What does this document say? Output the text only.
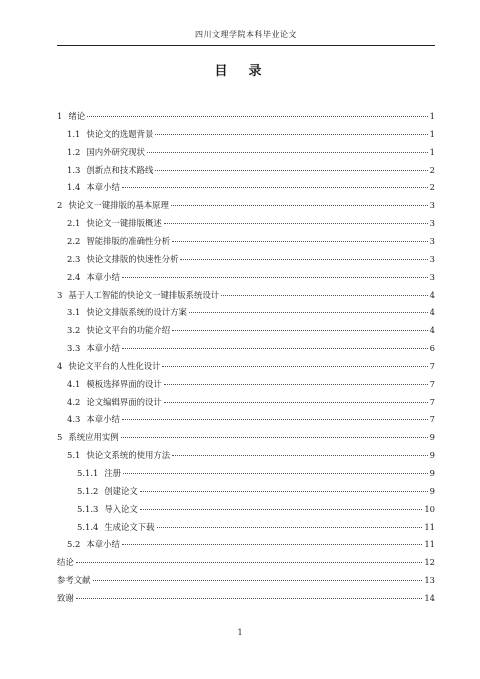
四川文理学院本科毕业论文
目　录
1 绪论	1
1.1 快论文的选题背景	1
1.2 国内外研究现状	1
1.3 创新点和技术路线	2
1.4 本章小结	2
2 快论文一键排版的基本原理	3
2.1 快论文一键排版概述	3
2.2 智能排版的准确性分析	3
2.3 快论文排版的快速性分析	3
2.4 本章小结	3
3 基于人工智能的快论文一键排版系统设计	4
3.1 快论文排版系统的设计方案	4
3.2 快论文平台的功能介绍	4
3.3 本章小结	6
4 快论文平台的人性化设计	7
4.1 模板选择界面的设计	7
4.2 论文编辑界面的设计	7
4.3 本章小结	7
5 系统应用实例	9
5.1 快论文系统的使用方法	9
5.1.1 注册	9
5.1.2 创建论文	9
5.1.3 导入论文	10
5.1.4 生成论文下载	11
5.2 本章小结	11
结论	12
参考文献	13
致谢	14
1
